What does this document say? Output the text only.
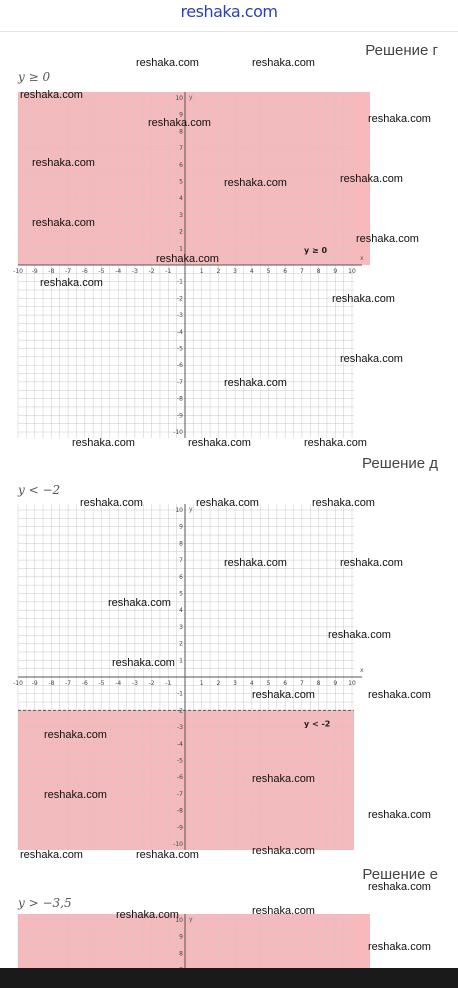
reshaka.com
Решение г
y ≥ 0
y
x
-10 -9 -8 -7 -6 -5 -4 -3 -2 -1	1 2 3 4 5 6 7 8 9 10
-10
-9
-8
-7
-6
-5
-4
-3
-2
-1
1
2
3
4
5
6
7
8
9
10
y ≥ 0
Решение д
y < −2
y
x
-10 -9 -8 -7 -6 -5 -4 -3 -2 -1	1 2 3 4 5 6 7 8 9 10
-10
-9
-8
-7
-6
-5
-4
-3
-2
-1
1
2
3
4
5
6
7
8
9
10
y < -2
Решение е
y > −3,5
y
8
9
10
reshaka.com	reshaka.com
reshaka.com
reshaka.com	reshaka.com
reshaka.com
reshaka.com	reshaka.com
reshaka.com
reshaka.com
reshaka.com
reshaka.com
reshaka.com
reshaka.com
reshaka.com
reshaka.com	reshaka.com	reshaka.com
reshaka.com	reshaka.com	reshaka.com
reshaka.com	reshaka.com
reshaka.com
reshaka.com
reshaka.com
reshaka.com	reshaka.com
reshaka.com
reshaka.com
reshaka.com
reshaka.com
reshaka.com	reshaka.com	reshaka.com
reshaka.com
reshaka.com	reshaka.com
reshaka.com
